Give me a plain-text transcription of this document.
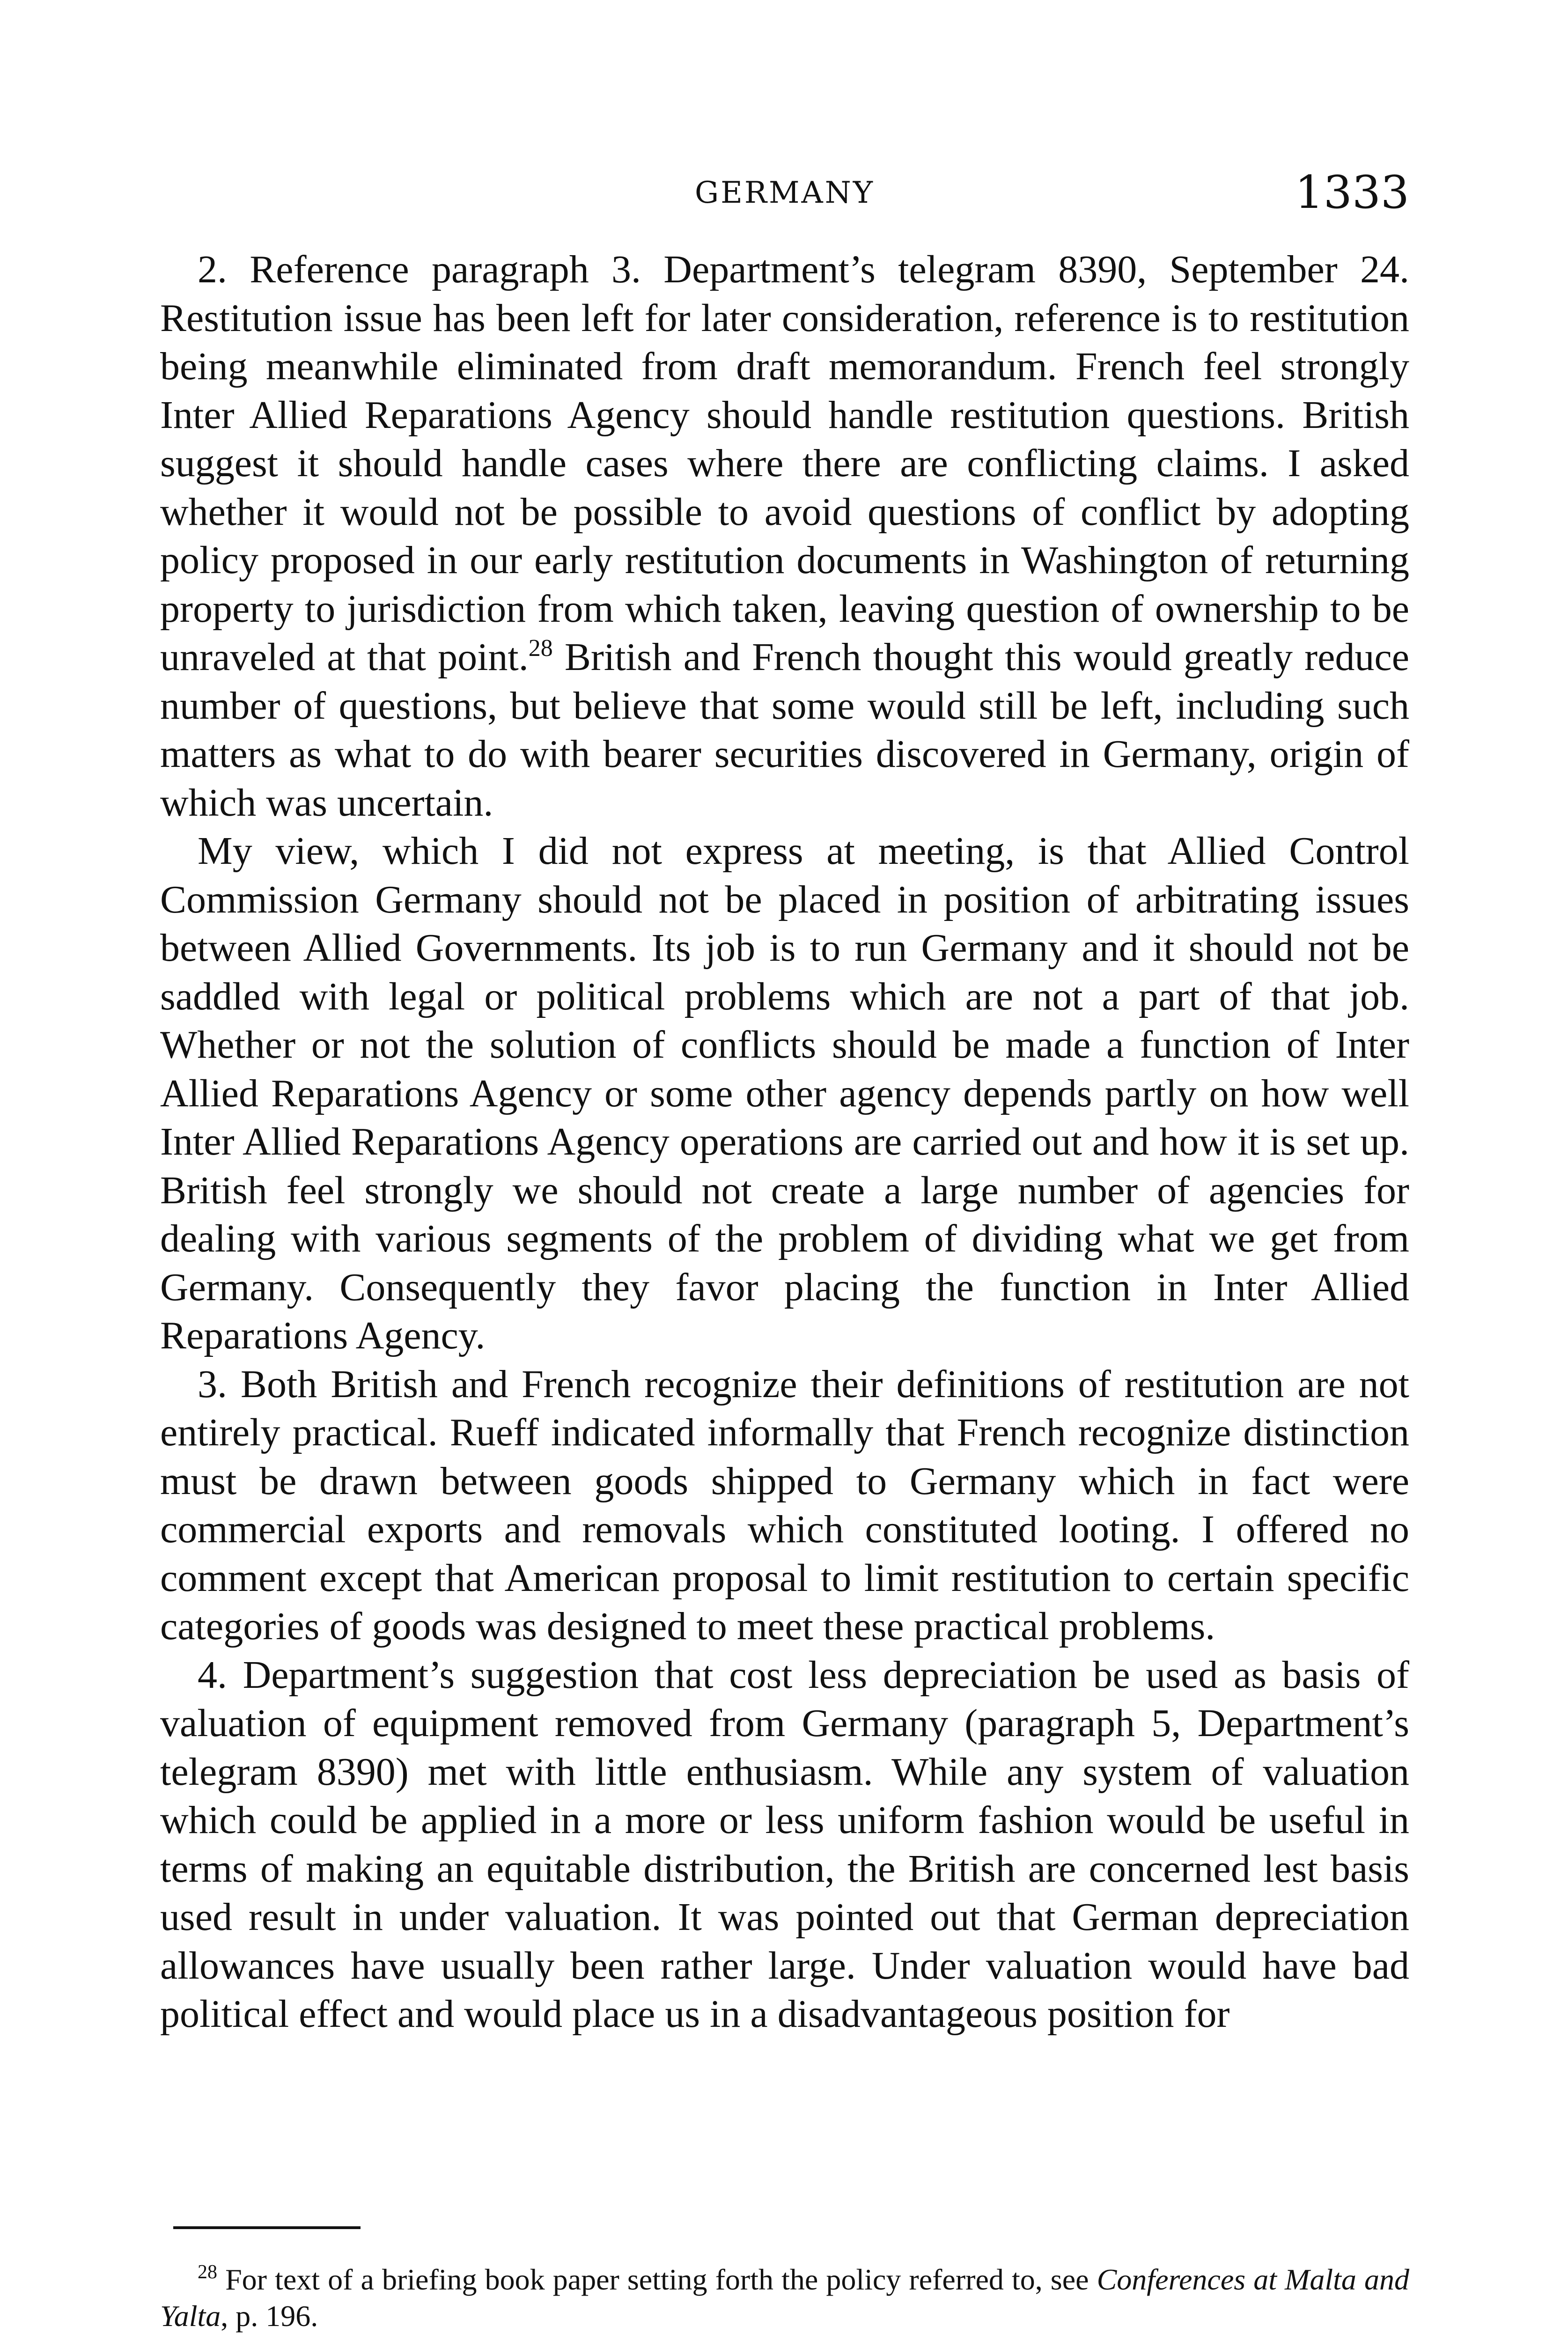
GERMANY	1333

2. Reference paragraph 3. Department’s telegram 8390, September 24. Restitution issue has been left for later consideration, reference is to restitution being meanwhile eliminated from draft memorandum. French feel strongly Inter Allied Reparations Agency should handle restitution questions. British suggest it should handle cases where there are conflicting claims. I asked whether it would not be possible to avoid questions of conflict by adopting policy proposed in our early restitution documents in Washington of returning property to jurisdiction from which taken, leaving question of ownership to be unraveled at that point.$^{28}$ British and French thought this would greatly reduce number of questions, but believe that some would still be left, including such matters as what to do with bearer securities discovered in Germany, origin of which was uncertain.

My view, which I did not express at meeting, is that Allied Control Commission Germany should not be placed in position of arbitrating issues between Allied Governments. Its job is to run Germany and it should not be saddled with legal or political problems which are not a part of that job. Whether or not the solution of conflicts should be made a function of Inter Allied Reparations Agency or some other agency depends partly on how well Inter Allied Reparations Agency operations are carried out and how it is set up. British feel strongly we should not create a large number of agencies for dealing with various segments of the problem of dividing what we get from Germany. Consequently they favor placing the function in Inter Allied Reparations Agency.

3. Both British and French recognize their definitions of restitution are not entirely practical. Rueff indicated informally that French recognize distinction must be drawn between goods shipped to Germany which in fact were commercial exports and removals which constituted looting. I offered no comment except that American proposal to limit restitution to certain specific categories of goods was designed to meet these practical problems.

4. Department’s suggestion that cost less depreciation be used as basis of valuation of equipment removed from Germany (paragraph 5, Department’s telegram 8390) met with little enthusiasm. While any system of valuation which could be applied in a more or less uniform fashion would be useful in terms of making an equitable distribution, the British are concerned lest basis used result in under valuation. It was pointed out that German depreciation allowances have usually been rather large. Under valuation would have bad political effect and would place us in a disadvantageous position for

$^{28}$ For text of a briefing book paper setting forth the policy referred to, see Conferences at Malta and Yalta, p. 196.
